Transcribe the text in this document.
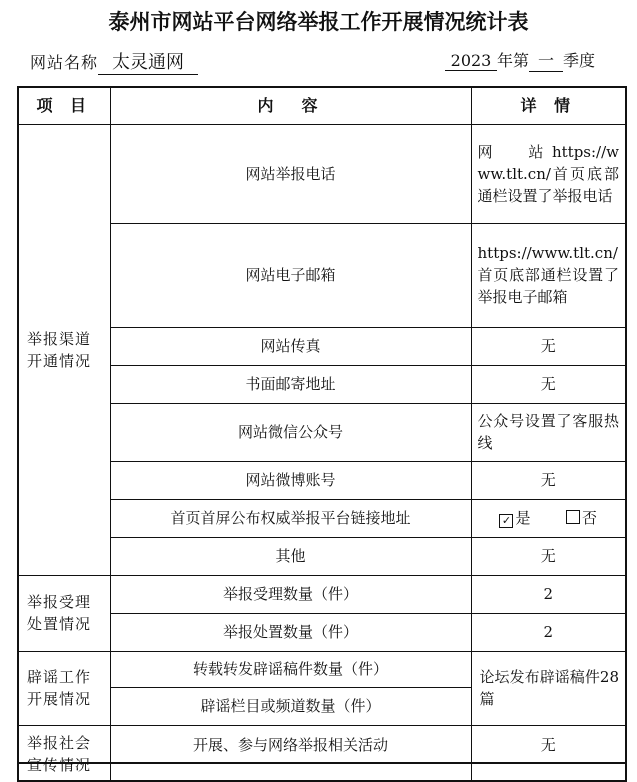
泰州市网站平台网络举报工作开展情况统计表
网站名称 太灵通网	2023 年第 一 季度
项 目	内　容	详 情
举报渠道开通情况	网站举报电话	网　　站 https://www.tlt.cn/首页底部通栏设置了举报电话
	网站电子邮箱	https://www.tlt.cn/首页底部通栏设置了举报电子邮箱
	网站传真	无
	书面邮寄地址	无
	网站微信公众号	公众号设置了客服热线
	网站微博账号	无
	首页首屏公布权威举报平台链接地址	✓ 是 否
	其他	无
举报受理处置情况	举报受理数量（件）	2
	举报处置数量（件）	2
辟谣工作开展情况	转载转发辟谣稿件数量（件）	论坛发布辟谣稿件28篇
	辟谣栏目或频道数量（件）	
举报社会宣传情况	开展、参与网络举报相关活动	无
